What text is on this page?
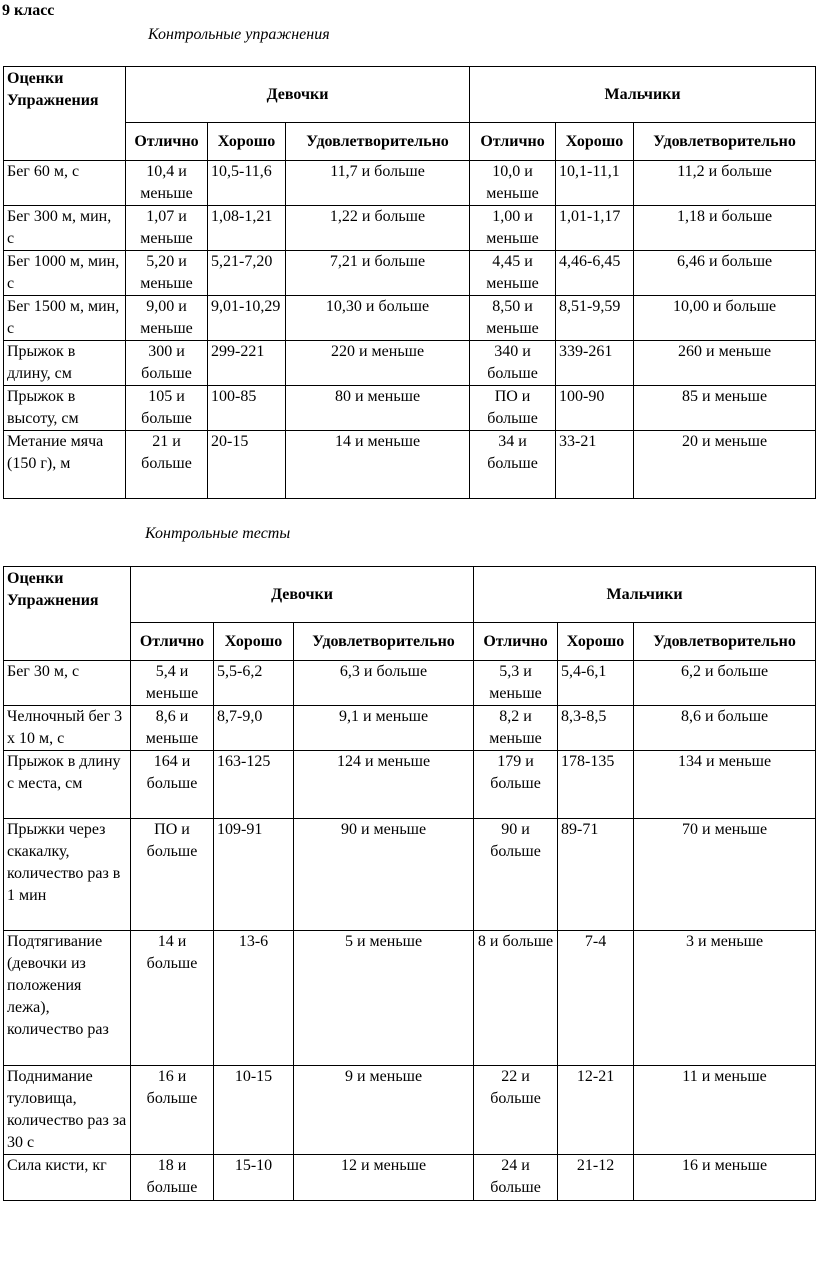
9 класс
Контрольные упражнения
Оценки
Упражнения	Девочки			Мальчики		
	Отлично	Хорошо	Удовлетворительно	Отлично	Хорошо	Удовлетворительно
Бег 60 м, с	10,4 и меньше	10,5-11,6	11,7 и больше	10,0 и меньше	10,1-11,1	11,2 и больше
Бег 300 м, мин, с	1,07 и меньше	1,08-1,21	1,22 и больше	1,00 и меньше	1,01-1,17	1,18 и больше
Бег 1000 м, мин, с	5,20 и меньше	5,21-7,20	7,21 и больше	4,45 и меньше	4,46-6,45	6,46 и больше
Бег 1500 м, мин, с	9,00 и меньше	9,01-10,29	10,30 и больше	8,50 и меньше	8,51-9,59	10,00 и больше
Прыжок в длину, см	300 и больше	299-221	220 и меньше	340 и больше	339-261	260 и меньше
Прыжок в высоту, см	105 и больше	100-85	80 и меньше	ПО и больше	100-90	85 и меньше
Метание мяча (150 г), м	21 и больше	20-15	14 и меньше	34 и больше	33-21	20 и меньше
Контрольные тесты
Оценки
Упражнения	Девочки			Мальчики		
	Отлично	Хорошо	Удовлетворительно	Отлично	Хорошо	Удовлетворительно
Бег 30 м, с	5,4 и меньше	5,5-6,2	6,3 и больше	5,3 и меньше	5,4-6,1	6,2 и больше
Челночный бег 3 х 10 м, с	8,6 и меньше	8,7-9,0	9,1 и меньше	8,2 и меньше	8,3-8,5	8,6 и больше
Прыжок в длину с места, см	164 и больше	163-125	124 и меньше	179 и больше	178-135	134 и меньше
Прыжки через скакалку, количество раз в 1 мин	ПО и больше	109-91	90 и меньше	90 и больше	89-71	70 и меньше
Подтягивание (девочки из положения лежа), количество раз	14 и больше	13-6	5 и меньше	8 и больше	7-4	3 и меньше
Поднимание туловища, количество раз за 30 с	16 и больше	10-15	9 и меньше	22 и больше	12-21	11 и меньше
Сила кисти, кг	18 и больше	15-10	12 и меньше	24 и больше	21-12	16 и меньше
